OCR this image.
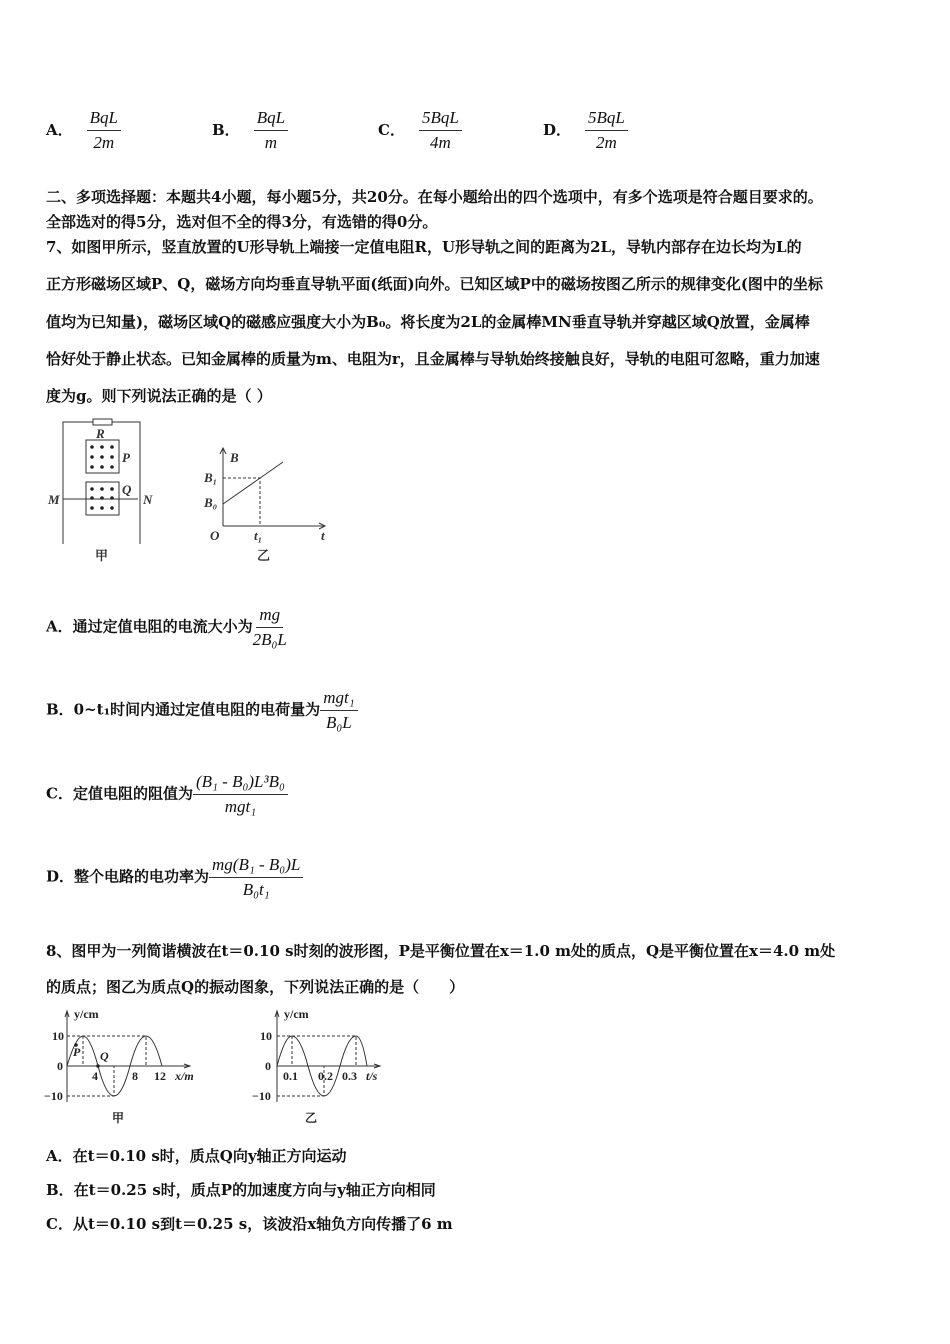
A． $\frac{\text{BqL}}{2m}$	B． $\frac{\text{BqL}}{m}$	C． $\frac{\text{5BqL}}{4m}$	D． $\frac{\text{5BqL}}{2m}$
二、多项选择题：本题共4小题，每小题5分，共20分。在每小题给出的四个选项中，有多个选项是符合题目要求的。
全部选对的得5分，选对但不全的得3分，有选错的得0分。
7、如图甲所示，竖直放置的U形导轨上端接一定值电阻R，U形导轨之间的距离为2L，导轨内部存在边长均为L的
正方形磁场区域P、Q，磁场方向均垂直导轨平面(纸面)向外。已知区域P中的磁场按图乙所示的规律变化(图中的坐标
值均为已知量)，磁场区域Q的磁感应强度大小为B₀。将长度为2L的金属棒MN垂直导轨并穿越区域Q放置，金属棒
恰好处于静止状态。已知金属棒的质量为m、电阻为r，且金属棒与导轨始终接触良好，导轨的电阻可忽略，重力加速
度为g。则下列说法正确的是（ ）
R
P
Q
M	N
甲
B
B₁
B₀
O	t₁	t
乙
A．通过定值电阻的电流大小为 $\frac{mg}{\text{2B₀L}}$
B．0~t₁时间内通过定值电阻的电荷量为 $\frac{\text{mgt₁}}{\text{B₀L}}$
C．定值电阻的阻值为 $\frac{\text{(B₁ - B₀)L³B₀}}{\text{mgt₁}}$
D．整个电路的电功率为 $\frac{\text{mg(B₁ - B₀)L}}{\text{B₀t₁}}$
8、图甲为一列简谐横波在t＝0.10 s时刻的波形图，P是平衡位置在x＝1.0 m处的质点，Q是平衡位置在x＝4.0 m处
的质点；图乙为质点Q的振动图象，下列说法正确的是（　　）
y/cm
10
0
−10
4	8 12 x/m
P Q
甲
y/cm
10
0
−10
0.1 0.2 0.3 t/s
乙
A．在t＝0.10 s时，质点Q向y轴正方向运动
B．在t＝0.25 s时，质点P的加速度方向与y轴正方向相同
C．从t＝0.10 s到t＝0.25 s，该波沿x轴负方向传播了6 m
